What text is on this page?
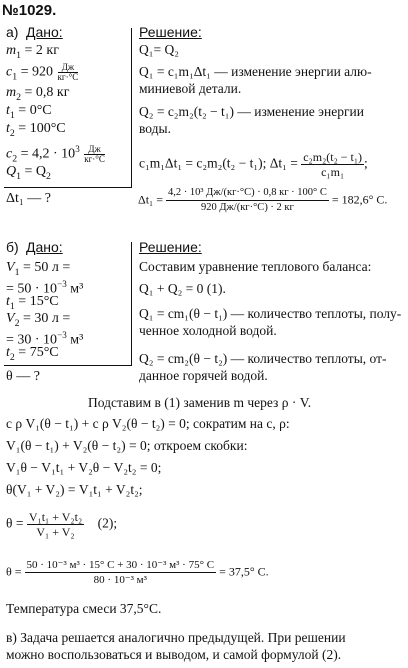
№1029.
а) Дано:	Решение:
$m_1 = 2$ кг
$c_1 = 920 \frac{Дж}{кг\cdot^\circ С}$
$m_2 = 0,8$ кг
$t_1 = 0^\circ С$
$t_2 = 100^\circ С$
$c_2 = 4,2 \cdot 10^3 \frac{Дж}{кг\cdot^\circ С}$
$Q_1 = Q_2$
Δt₁ — ?
Q₁= Q₂
Q₁ = c₁m₁Δt₁ — изменение энергии алю-
миниевой детали.
Q₂ = c₂m₂(t₂ − t₁) — изменение энергии
воды.
c₁m₁Δt₁ = c₂m₂(t₂ − t₁); $\Delta t_1 = \frac{\text{c₂m₂(t₂ − t₁)}}{\text{c₁m₁}}$ ;
Δt₁ = 4,2 · 10³ Дж/(кг·°С) · 0,8 кг · 100° С
920 Дж/(кг·°С) · 2 кг
= 182,6° С.
б) Дано:	Решение:
$V_1 = 50$ л =
= $50 \cdot 10^{-3}$ м³
$t_1 = 15^\circ С$
$V_2 = 30$ л =
= $30 \cdot 10^{-3}$ м³
$t_2 = 75^\circ С$
θ — ?
Составим уравнение теплового баланса:
Q₁ + Q₂ = 0 (1).
Q₁ = cm₁(θ − t₁) — количество теплоты, полу-
ченное холодной водой.
Q₂ = cm₂(θ − t₂) — количество теплоты, от-
данное горячей водой.
Подставим в (1) заменив m через ρ · V.
c ρ V₁(θ − t₁) + c ρ V₂(θ − t₂) = 0; сократим на c, ρ:
V₁(θ − t₁) + V₂(θ − t₂) = 0; откроем скобки:
V₁θ − V₁t₁ + V₂θ − V₂t₂ = 0;
θ(V₁ + V₂) = V₁t₁ + V₂t₂;
$\theta = \frac{\text{V₁t₁ + V₂t₂}}{\text{V₁ + V₂}} (2)$;
θ = 50 · 10⁻³ м³ · 15° С + 30 · 10⁻³ м³ · 75° С
80 · 10⁻³ м³
= 37,5° С.
Температура смеси 37,5°С.
в) Задача решается аналогично предыдущей. При решении
можно воспользоваться и выводом, и самой формулой (2).
